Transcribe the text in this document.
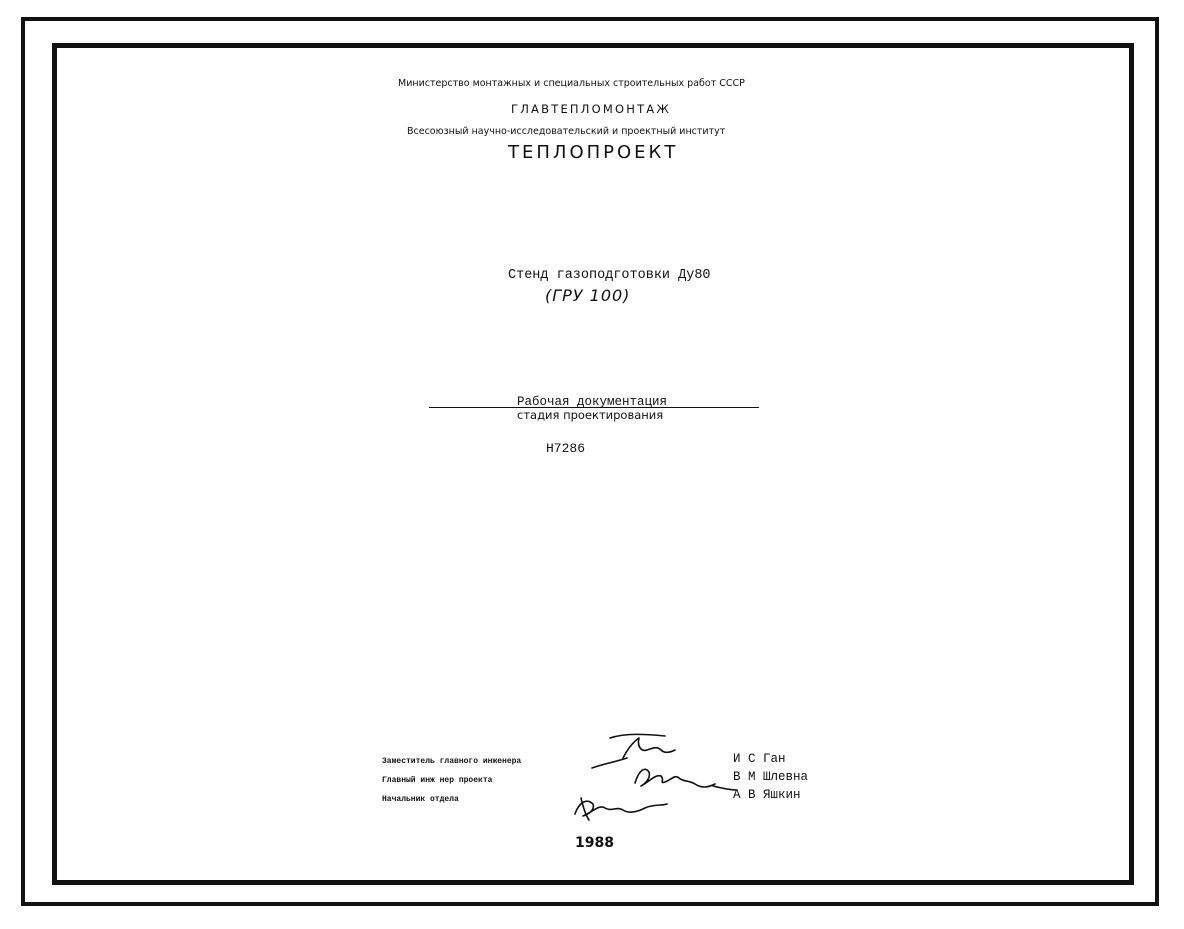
Министерство монтажных и специальных строительных работ СССР
ГЛАВТЕПЛОМОНТАЖ
Всесоюзный научно-исследовательский и проектный институт
ТЕПЛОПРОЕКТ
Стенд газоподготовки Ду80
(ГРУ 100)
Рабочая документация
стадия проектирования
Н7286
Заместитель главного инженера
Главный инж нер проекта
Начальник отдела
И С Ган
В М Шлевна
А В Яшкин
1988
